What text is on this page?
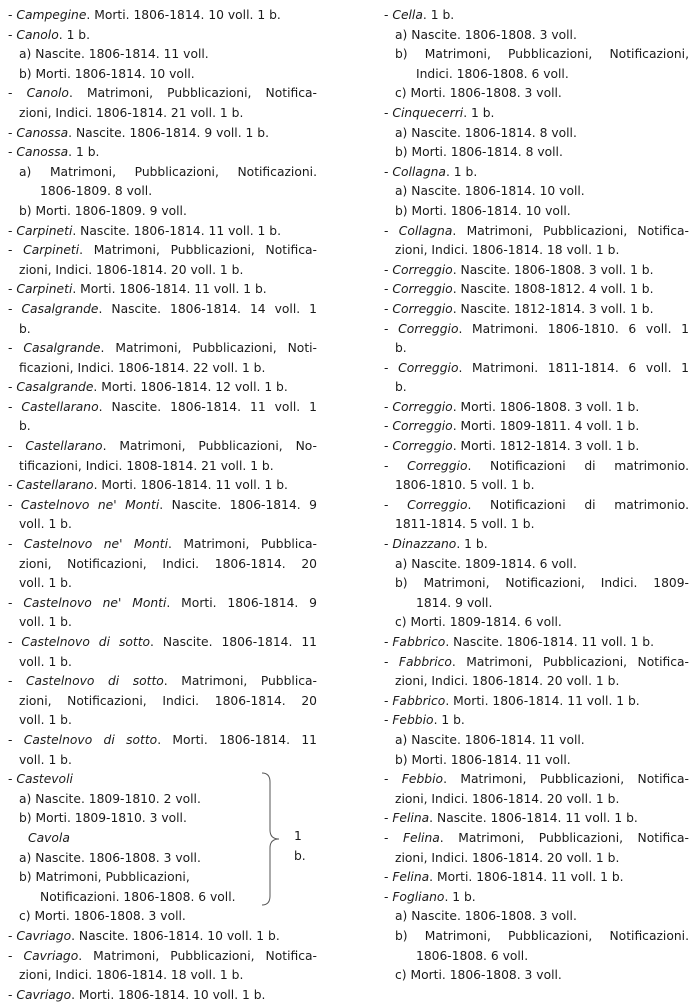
- Campegine. Morti. 1806-1814. 10 voll. 1 b.
- Canolo. 1 b.
a) Nascite. 1806-1814. 11 voll.
b) Morti. 1806-1814. 10 voll.
- Canolo. Matrimoni, Pubblicazioni, Notifica-
zioni, Indici. 1806-1814. 21 voll. 1 b.
- Canossa. Nascite. 1806-1814. 9 voll. 1 b.
- Canossa. 1 b.
a) Matrimoni, Pubblicazioni, Notificazioni.
1806-1809. 8 voll.
b) Morti. 1806-1809. 9 voll.
- Carpineti. Nascite. 1806-1814. 11 voll. 1 b.
- Carpineti. Matrimoni, Pubblicazioni, Notifica-
zioni, Indici. 1806-1814. 20 voll. 1 b.
- Carpineti. Morti. 1806-1814. 11 voll. 1 b.
- Casalgrande. Nascite. 1806-1814. 14 voll. 1
b.
- Casalgrande. Matrimoni, Pubblicazioni, Noti-
ficazioni, Indici. 1806-1814. 22 voll. 1 b.
- Casalgrande. Morti. 1806-1814. 12 voll. 1 b.
- Castellarano. Nascite. 1806-1814. 11 voll. 1
b.
- Castellarano. Matrimoni, Pubblicazioni, No-
tificazioni, Indici. 1808-1814. 21 voll. 1 b.
- Castellarano. Morti. 1806-1814. 11 voll. 1 b.
- Castelnovo ne' Monti. Nascite. 1806-1814. 9
voll. 1 b.
- Castelnovo ne' Monti. Matrimoni, Pubblica-
zioni, Notificazioni, Indici. 1806-1814. 20
voll. 1 b.
- Castelnovo ne' Monti. Morti. 1806-1814. 9
voll. 1 b.
- Castelnovo di sotto. Nascite. 1806-1814. 11
voll. 1 b.
- Castelnovo di sotto. Matrimoni, Pubblica-
zioni, Notificazioni, Indici. 1806-1814. 20
voll. 1 b.
- Castelnovo di sotto. Morti. 1806-1814. 11
voll. 1 b.
- Castevoli
a) Nascite. 1809-1810. 2 voll.
b) Morti. 1809-1810. 3 voll.
Cavola
a) Nascite. 1806-1808. 3 voll.
b) Matrimoni, Pubblicazioni,
Notificazioni. 1806-1808. 6 voll.
c) Morti. 1806-1808. 3 voll.
1 b.
- Cavriago. Nascite. 1806-1814. 10 voll. 1 b.
- Cavriago. Matrimoni, Pubblicazioni, Notifica-
zioni, Indici. 1806-1814. 18 voll. 1 b.
- Cavriago. Morti. 1806-1814. 10 voll. 1 b.
- Cella. 1 b.
a) Nascite. 1806-1808. 3 voll.
b) Matrimoni, Pubblicazioni, Notificazioni,
Indici. 1806-1808. 6 voll.
c) Morti. 1806-1808. 3 voll.
- Cinquecerri. 1 b.
a) Nascite. 1806-1814. 8 voll.
b) Morti. 1806-1814. 8 voll.
- Collagna. 1 b.
a) Nascite. 1806-1814. 10 voll.
b) Morti. 1806-1814. 10 voll.
- Collagna. Matrimoni, Pubblicazioni, Notifica-
zioni, Indici. 1806-1814. 18 voll. 1 b.
- Correggio. Nascite. 1806-1808. 3 voll. 1 b.
- Correggio. Nascite. 1808-1812. 4 voll. 1 b.
- Correggio. Nascite. 1812-1814. 3 voll. 1 b.
- Correggio. Matrimoni. 1806-1810. 6 voll. 1
b.
- Correggio. Matrimoni. 1811-1814. 6 voll. 1
b.
- Correggio. Morti. 1806-1808. 3 voll. 1 b.
- Correggio. Morti. 1809-1811. 4 voll. 1 b.
- Correggio. Morti. 1812-1814. 3 voll. 1 b.
- Correggio. Notificazioni di matrimonio.
1806-1810. 5 voll. 1 b.
- Correggio. Notificazioni di matrimonio.
1811-1814. 5 voll. 1 b.
- Dinazzano. 1 b.
a) Nascite. 1809-1814. 6 voll.
b) Matrimoni, Notificazioni, Indici. 1809-
1814. 9 voll.
c) Morti. 1809-1814. 6 voll.
- Fabbrico. Nascite. 1806-1814. 11 voll. 1 b.
- Fabbrico. Matrimoni, Pubblicazioni, Notifica-
zioni, Indici. 1806-1814. 20 voll. 1 b.
- Fabbrico. Morti. 1806-1814. 11 voll. 1 b.
- Febbio. 1 b.
a) Nascite. 1806-1814. 11 voll.
b) Morti. 1806-1814. 11 voll.
- Febbio. Matrimoni, Pubblicazioni, Notifica-
zioni, Indici. 1806-1814. 20 voll. 1 b.
- Felina. Nascite. 1806-1814. 11 voll. 1 b.
- Felina. Matrimoni, Pubblicazioni, Notifica-
zioni, Indici. 1806-1814. 20 voll. 1 b.
- Felina. Morti. 1806-1814. 11 voll. 1 b.
- Fogliano. 1 b.
a) Nascite. 1806-1808. 3 voll.
b) Matrimoni, Pubblicazioni, Notificazioni.
1806-1808. 6 voll.
c) Morti. 1806-1808. 3 voll.
